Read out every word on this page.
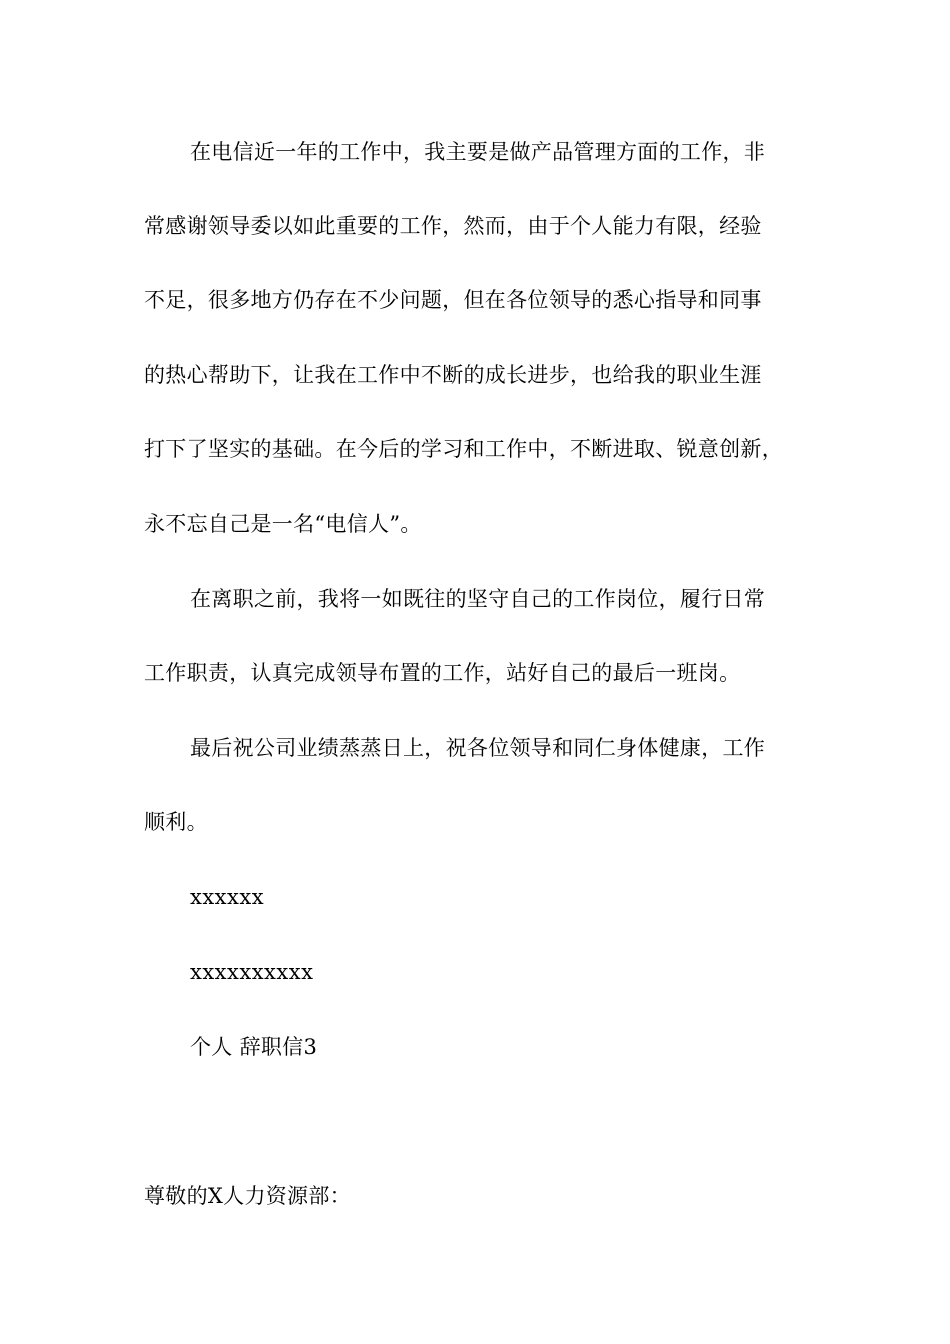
在电信近一年的工作中，我主要是做产品管理方面的工作，非
常感谢领导委以如此重要的工作，然而，由于个人能力有限，经验
不足，很多地方仍存在不少问题，但在各位领导的悉心指导和同事
的热心帮助下，让我在工作中不断的成长进步，也给我的职业生涯
打下了坚实的基础。在今后的学习和工作中，不断进取、锐意创新，
永不忘自己是一名“电信人”。
在离职之前，我将一如既往的坚守自己的工作岗位，履行日常
工作职责，认真完成领导布置的工作，站好自己的最后一班岗。
最后祝公司业绩蒸蒸日上，祝各位领导和同仁身体健康，工作
顺利。
xxxxxx
xxxxxxxxxx
个人 辞职信3
尊敬的X人力资源部：
